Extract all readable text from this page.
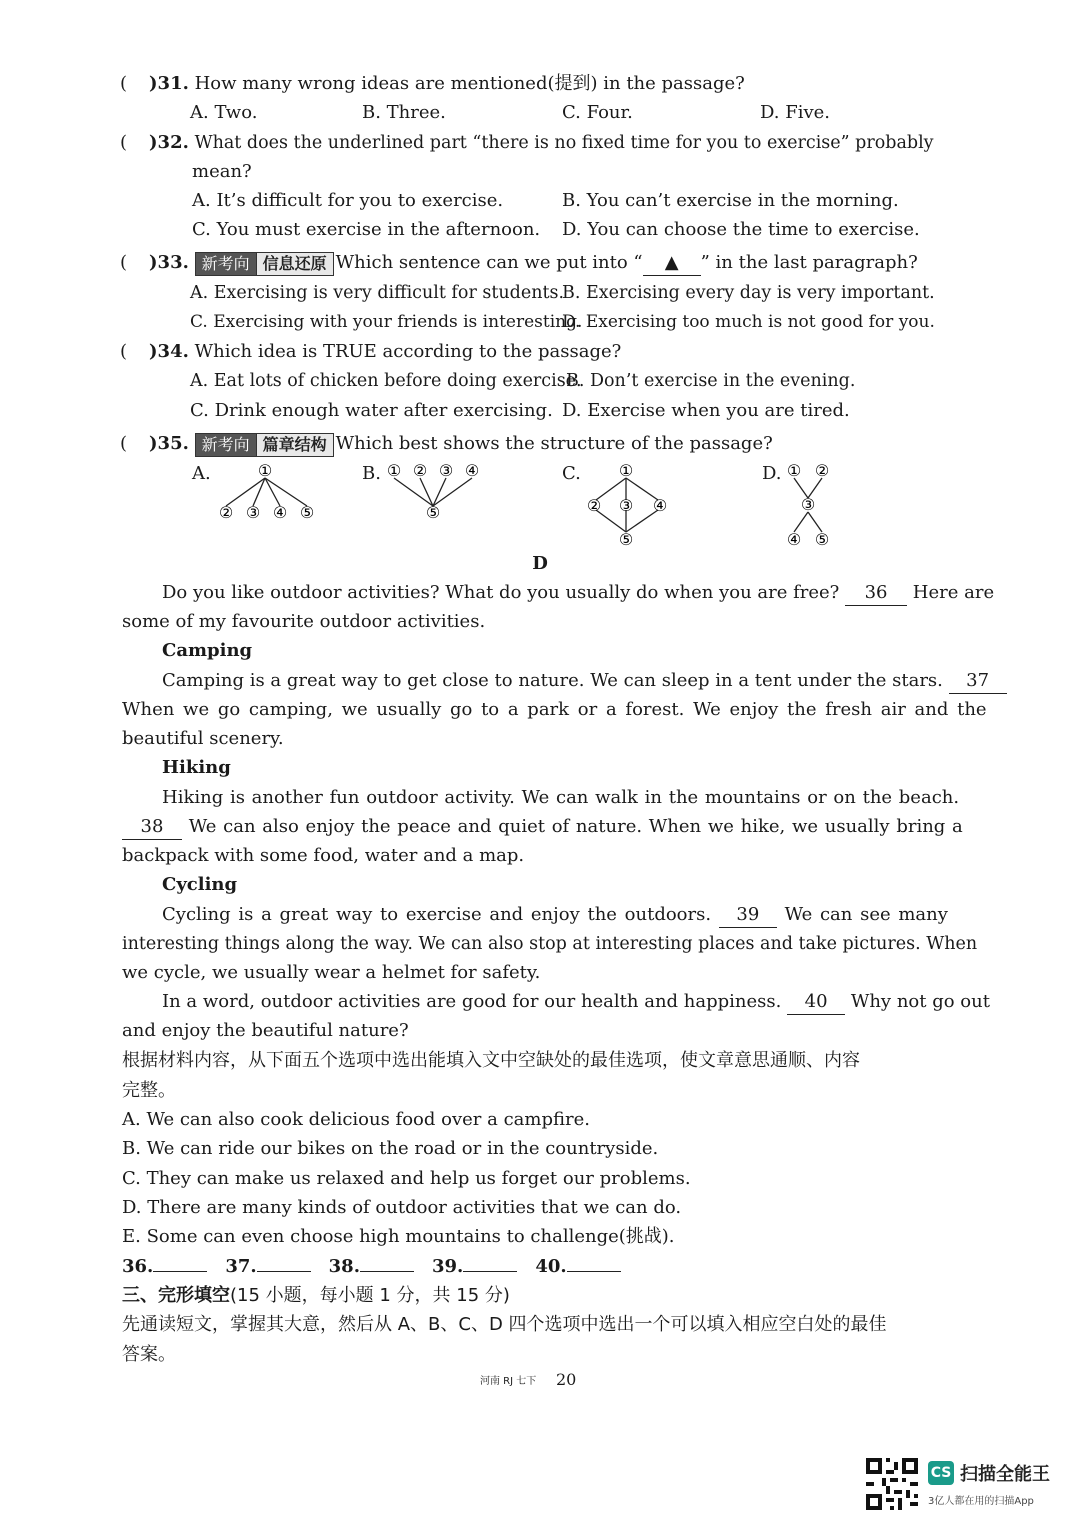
( )31. How many wrong ideas are mentioned(提到) in the passage?
A. Two.	B. Three.	C. Four.	D. Five.
( )32. What does the underlined part “there is no fixed time for you to exercise” probably
mean?
A. It’s difficult for you to exercise.	B. You can’t exercise in the morning.
C. You must exercise in the afternoon. D. You can choose the time to exercise.
( )33. 新考向 信息还原 Which sentence can we put into “ ▲ ” in the last paragraph?
A. Exercising is very difficult for students.
B. Exercising every day is very important.
C. Exercising with your friends is interesting.
D. Exercising too much is not good for you.
( )34. Which idea is TRUE according to the passage?
A. Eat lots of chicken before doing exercise.
B. Don’t exercise in the evening.
C. Drink enough water after exercising. D. Exercise when you are tired.
( )35. 新考向 篇章结构 Which best shows the structure of the passage?
A.	①
② ③ ④ ⑤
B. ① ② ③ ④
⑤
C. ①
② ③ ④
⑤
D. ① ②
③
④ ⑤
D
Do you like outdoor activities? What do you usually do when you are free? 36 Here are
some of my favourite outdoor activities.
Camping
Camping is a great way to get close to nature. We can sleep in a tent under the stars. 37
When we go camping, we usually go to a park or a forest. We enjoy the fresh air and the
beautiful scenery.
Hiking
Hiking is another fun outdoor activity. We can walk in the mountains or on the beach.
38 We can also enjoy the peace and quiet of nature. When we hike, we usually bring a
backpack with some food, water and a map.
Cycling
Cycling is a great way to exercise and enjoy the outdoors. 39 We can see many
interesting things along the way. We can also stop at interesting places and take pictures. When
we cycle, we usually wear a helmet for safety.
In a word, outdoor activities are good for our health and happiness. 40 Why not go out
and enjoy the beautiful nature?
根据材料内容，从下面五个选项中选出能填入文中空缺处的最佳选项，使文章意思通顺、内容
完整。
A. We can also cook delicious food over a campfire.
B. We can ride our bikes on the road or in the countryside.
C. They can make us relaxed and help us forget our problems.
D. There are many kinds of outdoor activities that we can do.
E. Some can even choose high mountains to challenge(挑战).
36.	37.	38.	39.	40.
三、完形填空(15 小题，每小题 1 分，共 15 分)
先通读短文，掌握其大意，然后从 A、B、C、D 四个选项中选出一个可以填入相应空白处的最佳
答案。
河南 RJ 七下 20
CS 扫描全能王
3亿人都在用的扫描App
